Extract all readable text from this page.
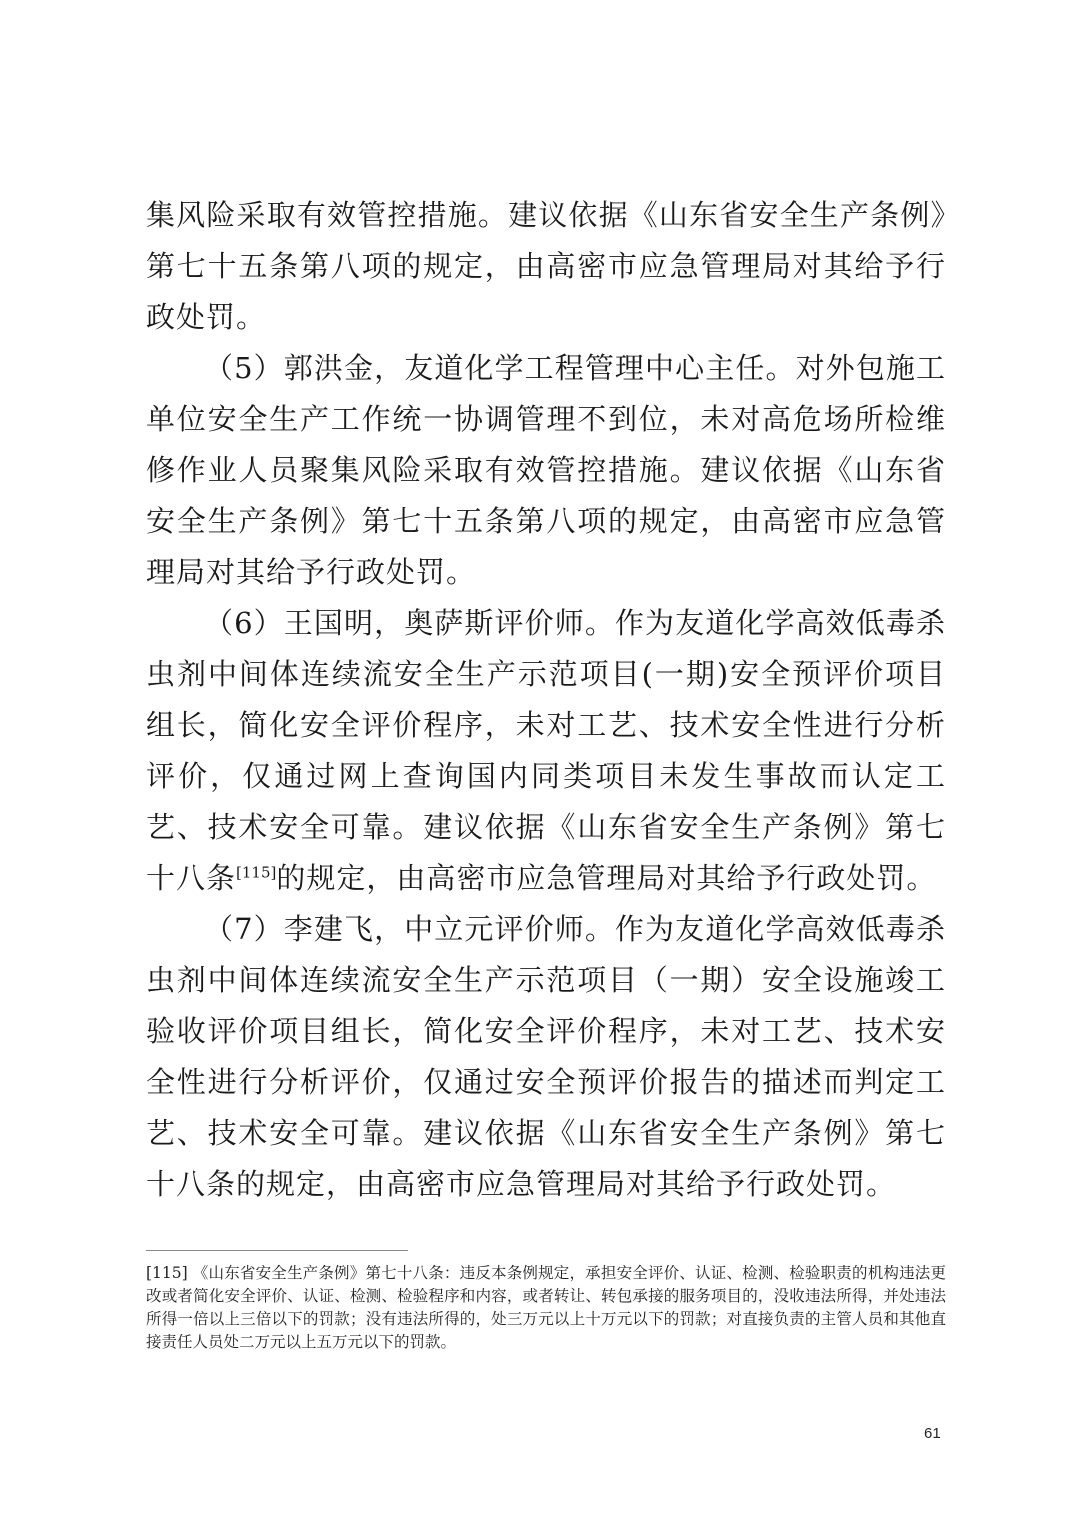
集风险采取有效管控措施。建议依据《山东省安全生产条例》第七十五条第八项的规定，由高密市应急管理局对其给予行政处罚。

（5）郭洪金，友道化学工程管理中心主任。对外包施工单位安全生产工作统一协调管理不到位，未对高危场所检维修作业人员聚集风险采取有效管控措施。建议依据《山东省安全生产条例》第七十五条第八项的规定，由高密市应急管理局对其给予行政处罚。

（6）王国明，奥萨斯评价师。作为友道化学高效低毒杀虫剂中间体连续流安全生产示范项目(一期)安全预评价项目组长，简化安全评价程序，未对工艺、技术安全性进行分析评价，仅通过网上查询国内同类项目未发生事故而认定工艺、技术安全可靠。建议依据《山东省安全生产条例》第七十八条[115]的规定，由高密市应急管理局对其给予行政处罚。

（7）李建飞，中立元评价师。作为友道化学高效低毒杀虫剂中间体连续流安全生产示范项目（一期）安全设施竣工验收评价项目组长，简化安全评价程序，未对工艺、技术安全性进行分析评价，仅通过安全预评价报告的描述而判定工艺、技术安全可靠。建议依据《山东省安全生产条例》第七十八条的规定，由高密市应急管理局对其给予行政处罚。

[115] 《山东省安全生产条例》第七十八条：违反本条例规定，承担安全评价、认证、检测、检验职责的机构违法更改或者简化安全评价、认证、检测、检验程序和内容，或者转让、转包承接的服务项目的，没收违法所得，并处违法所得一倍以上三倍以下的罚款；没有违法所得的，处三万元以上十万元以下的罚款；对直接负责的主管人员和其他直接责任人员处二万元以上五万元以下的罚款。
61
